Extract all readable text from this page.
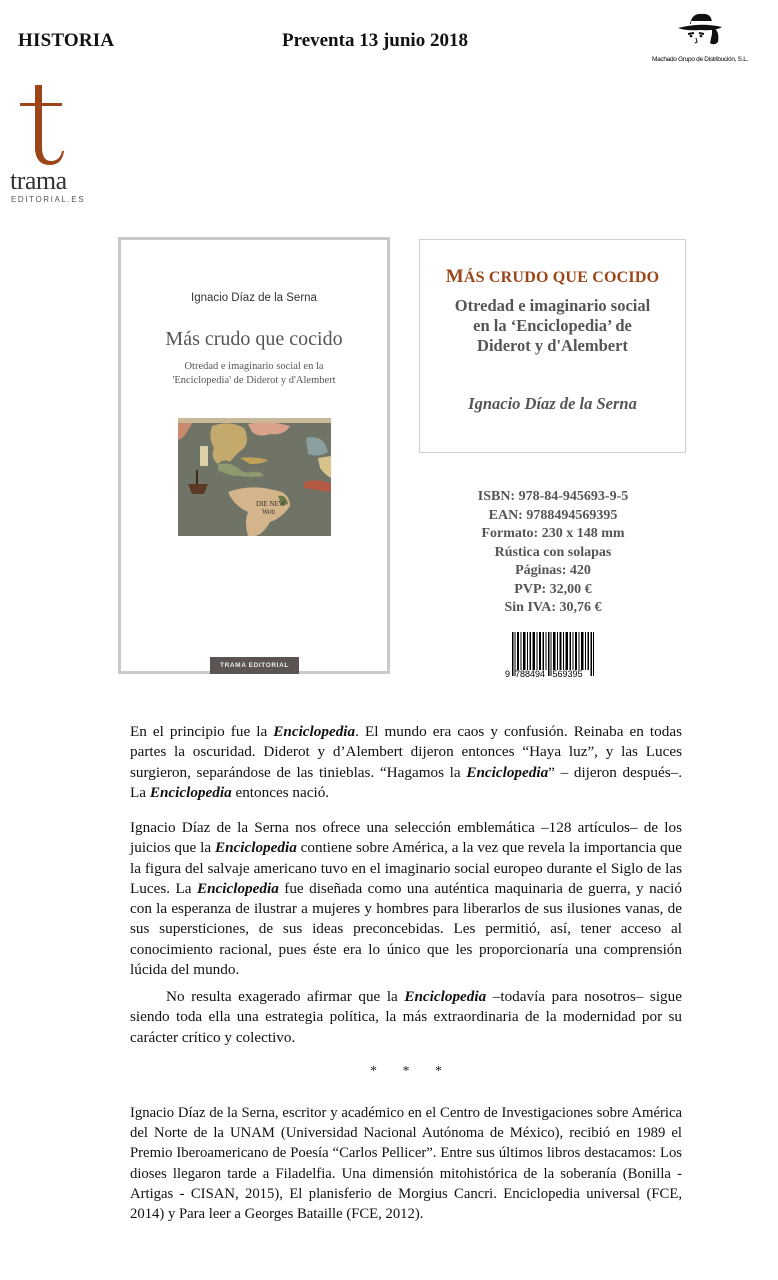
HISTORIA	Preventa 13 junio 2018
Machado Grupo de Distribución, S.L.
trama
EDITORIAL.ES
Ignacio Díaz de la Serna
Más crudo que cocido
Otredad e imaginario social en la
'Enciclopedia' de Diderot y d'Alembert
DIE NEW
Welt
TRAMA EDITORIAL
MÁS CRUDO QUE COCIDO
Otredad e imaginario social
en la ‘Enciclopedia’ de
Diderot y d'Alembert
Ignacio Díaz de la Serna
ISBN: 978-84-945693-9-5
EAN: 9788494569395
Formato: 230 x 148 mm
Rústica con solapas
Páginas: 420
PVP: 32,00 €
Sin IVA: 30,76 €
9  788494   569395
En el principio fue la Enciclopedia. El mundo era caos y confusión. Reinaba en todas partes la oscuridad. Diderot y d’Alembert dijeron entonces “Haya luz”, y las Luces surgieron, separándose de las tinieblas. “Hagamos la Enciclopedia” – dijeron después–. La Enciclopedia entonces nació.
Ignacio Díaz de la Serna nos ofrece una selección emblemática –128 artículos– de los juicios que la Enciclopedia contiene sobre América, a la vez que revela la importancia que la figura del salvaje americano tuvo en el imaginario social europeo durante el Siglo de las Luces. La Enciclopedia fue diseñada como una auténtica maquinaria de guerra, y nació con la esperanza de ilustrar a mujeres y hombres para liberarlos de sus ilusiones vanas, de sus supersticiones, de sus ideas preconcebidas. Les permitió, así, tener acceso al conocimiento racional, pues éste era lo único que les proporcionaría una comprensión lúcida del mundo.
No resulta exagerado afirmar que la Enciclopedia –todavía para nosotros– sigue siendo toda ella una estrategia política, la más extraordinaria de la modernidad por su carácter crítico y colectivo.
* * *
Ignacio Díaz de la Serna, escritor y académico en el Centro de Investigaciones sobre América del Norte de la UNAM (Universidad Nacional Autónoma de México), recibió en 1989 el Premio Iberoamericano de Poesía “Carlos Pellicer”. Entre sus últimos libros destacamos: Los dioses llegaron tarde a Filadelfia. Una dimensión mitohistórica de la soberanía (Bonilla - Artigas - CISAN, 2015), El planisferio de Morgius Cancri. Enciclopedia universal (FCE, 2014) y Para leer a Georges Bataille (FCE, 2012).
